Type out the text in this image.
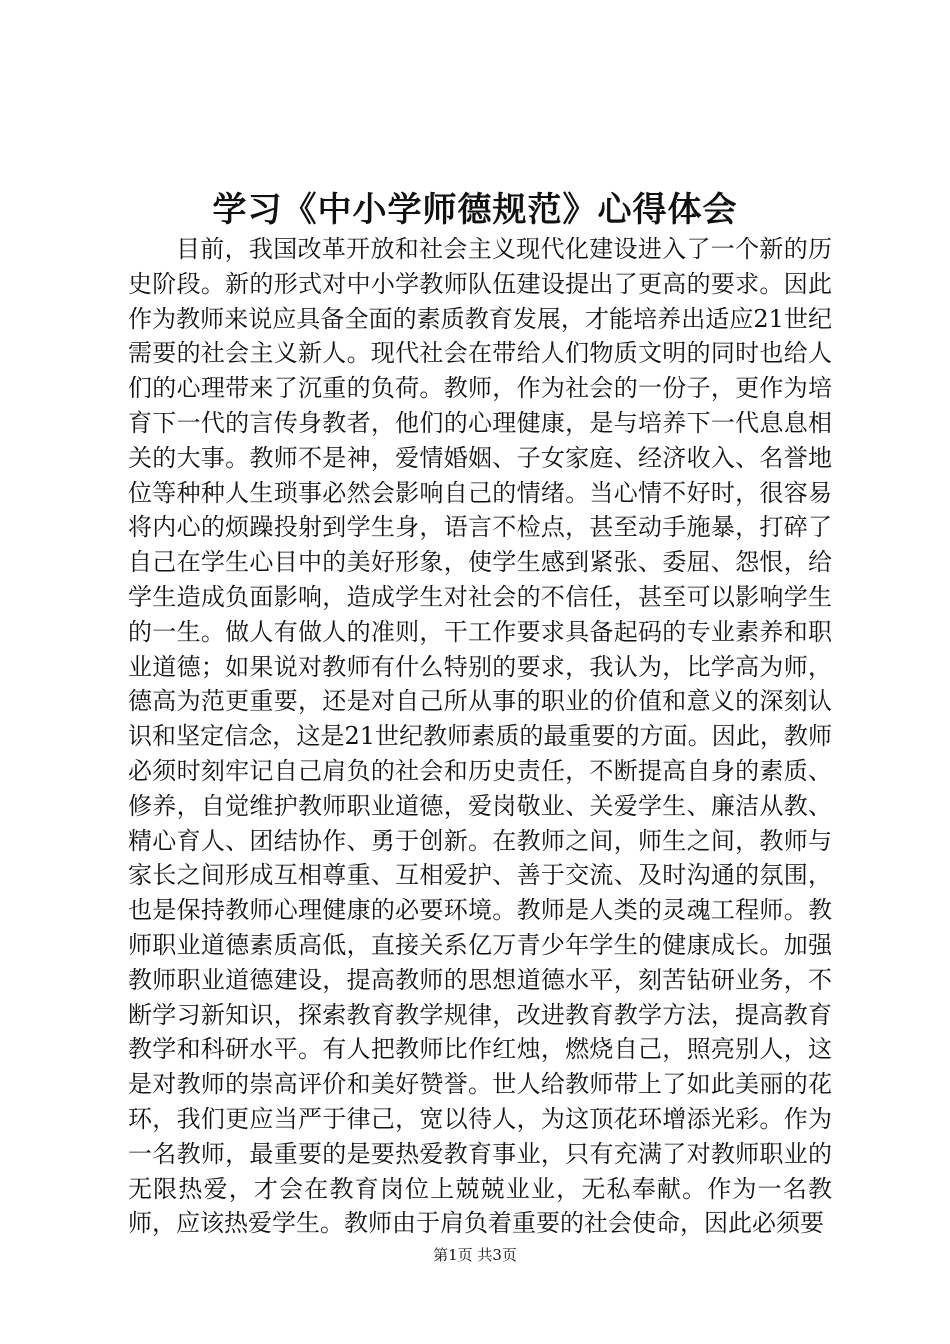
学习《中小学师德规范》心得体会

目前，我国改革开放和社会主义现代化建设进入了一个新的历史阶段。新的形式对中小学教师队伍建设提出了更高的要求。因此作为教师来说应具备全面的素质教育发展，才能培养出适应21世纪需要的社会主义新人。现代社会在带给人们物质文明的同时也给人们的心理带来了沉重的负荷。教师，作为社会的一份子，更作为培育下一代的言传身教者，他们的心理健康，是与培养下一代息息相关的大事。教师不是神，爱情婚姻、子女家庭、经济收入、名誉地位等种种人生琐事必然会影响自己的情绪。当心情不好时，很容易将内心的烦躁投射到学生身，语言不检点，甚至动手施暴，打碎了自己在学生心目中的美好形象，使学生感到紧张、委屈、怨恨，给学生造成负面影响，造成学生对社会的不信任，甚至可以影响学生的一生。做人有做人的准则，干工作要求具备起码的专业素养和职业道德；如果说对教师有什么特别的要求，我认为，比学高为师，德高为范更重要，还是对自己所从事的职业的价值和意义的深刻认识和坚定信念，这是21世纪教师素质的最重要的方面。因此，教师必须时刻牢记自己肩负的社会和历史责任，不断提高自身的素质、修养，自觉维护教师职业道德，爱岗敬业、关爱学生、廉洁从教、精心育人、团结协作、勇于创新。在教师之间，师生之间，教师与家长之间形成互相尊重、互相爱护、善于交流、及时沟通的氛围，也是保持教师心理健康的必要环境。教师是人类的灵魂工程师。教师职业道德素质高低，直接关系亿万青少年学生的健康成长。加强教师职业道德建设，提高教师的思想道德水平，刻苦钻研业务，不断学习新知识，探索教育教学规律，改进教育教学方法，提高教育教学和科研水平。有人把教师比作红烛，燃烧自己，照亮别人，这是对教师的崇高评价和美好赞誉。世人给教师带上了如此美丽的花环，我们更应当严于律己，宽以待人，为这顶花环增添光彩。作为一名教师，最重要的是要热爱教育事业，只有充满了对教师职业的无限热爱，才会在教育岗位上兢兢业业，无私奉献。作为一名教师，应该热爱学生。教师由于肩负着重要的社会使命，因此必须要

第1页 共3页
